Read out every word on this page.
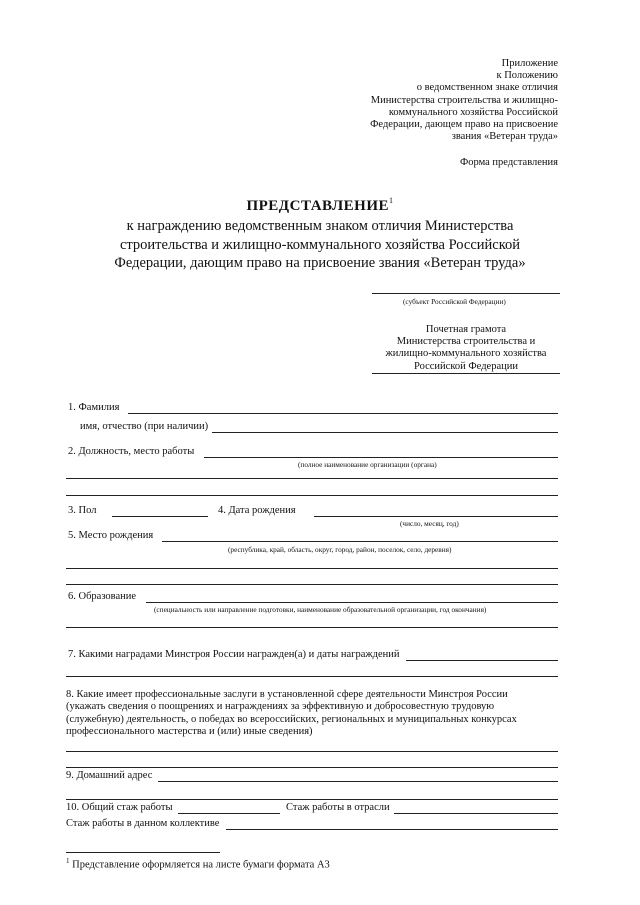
Приложение
к Положению
о ведомственном знаке отличия
Министерства строительства и жилищно-
коммунального хозяйства Российской
Федерации, дающем право на присвоение
звания «Ветеран труда»
Форма представления
ПРЕДСТАВЛЕНИЕ$^1$
к награждению ведомственным знаком отличия Министерства
строительства и жилищно-коммунального хозяйства Российской
Федерации, дающим право на присвоение звания «Ветеран труда»
(субъект Российской Федерации)
Почетная грамота
Министерства строительства и
жилищно-коммунального хозяйства
Российской Федерации
1. Фамилия
имя, отчество (при наличии)
2. Должность, место работы
(полное наименование организации (органа)
3. Пол	4. Дата рождения
(число, месяц, год)
5. Место рождения
(республика, край, область, округ, город, район, поселок, село, деревня)
6. Образование
(специальность или направление подготовки, наименование образовательной организации, год окончания)
7. Какими наградами Минстроя России награжден(а) и даты награждений
8. Какие имеет профессиональные заслуги в установленной сфере деятельности Минстроя России
(укажать сведения о поощрениях и награждениях за эффективную и добросовестную трудовую
(служебную) деятельность, о победах во всероссийских, региональных и муниципальных конкурсах
профессионального мастерства и (или) иные сведения)
9. Домашний адрес
10. Общий стаж работы	Стаж работы в отрасли
Стаж работы в данном коллективе
$^1$ Представление оформляется на листе бумаги формата А3
